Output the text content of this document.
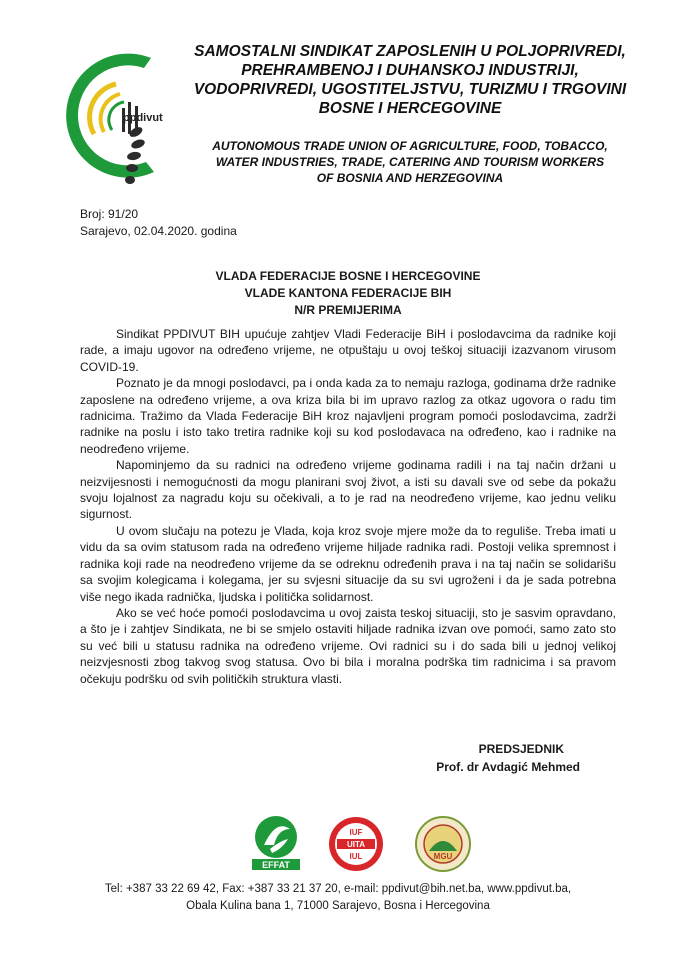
ppdivut
SAMOSTALNI SINDIKAT ZAPOSLENIH U POLJOPRIVREDI,
PREHRAMBENOJ I DUHANSKOJ INDUSTRIJI,
VODOPRIVREDI, UGOSTITELJSTVU, TURIZMU I TRGOVINI
BOSNE I HERCEGOVINE
AUTONOMOUS TRADE UNION OF AGRICULTURE, FOOD, TOBACCO,
WATER INDUSTRIES, TRADE, CATERING AND TOURISM WORKERS
OF BOSNIA AND HERZEGOVINA
Broj: 91/20
Sarajevo, 02.04.2020. godina
VLADA FEDERACIJE BOSNE I HERCEGOVINE
VLADE KANTONA FEDERACIJE BIH
N/R PREMIJERIMA

Sindikat PPDIVUT BIH upućuje zahtjev Vladi Federacije BiH i poslodavcima da radnike koji rade, a imaju ugovor na određeno vrijeme, ne otpuštaju u ovoj teškoj situaciji izazvanom virusom COVID-19.

Poznato je da mnogi poslodavci, pa i onda kada za to nemaju razloga, godinama drže radnike zaposlene na određeno vrijeme, a ova kriza bila bi im upravo razlog za otkaz ugovora o radu tim radnicima. Tražimo da Vlada Federacije BiH kroz najavljeni program pomoći poslodavcima, zadrži radnike na poslu i isto tako tretira radnike koji su kod poslodavaca na ođređeno, kao i radnike na neodređeno vrijeme.

Napominjemo da su radnici na određeno vrijeme godinama radili i na taj način držani u neizvijesnosti i nemogućnosti da mogu planirani svoj život, a isti su davali sve od sebe da pokažu svoju lojalnost za nagradu koju su očekivali, a to je rad na neodređeno vrijeme, kao jednu veliku sigurnost.

U ovom slučaju na potezu je Vlada, koja kroz svoje mjere može da to reguliše. Treba imati u vidu da sa ovim statusom rada na određeno vrijeme hiljade radnika radi. Postoji velika spremnost i radnika koji rade na neodređeno vrijeme da se odreknu određenih prava i na taj način se solidarišu sa svojim kolegicama i kolegama, jer su svjesni situacije da su svi ugroženi i da je sada potrebna više nego ikada radnička, ljudska i politička solidarnost.

Ako se već hoće pomoći poslodavcima u ovoj zaista teskoj situaciji, sto je sasvim opravdano, a što je i zahtjev Sindikata, ne bi se smjelo ostaviti hiljade radnika izvan ove pomoći, samo zato sto su već bili u statusu radnika na određeno vrijeme. Ovi radnici su i do sada bili u jednoj velikoj neizvjesnosti zbog takvog svog statusa. Ovo bi bila i moralna podrška tim radnicima i sa pravom očekuju podršku od svih političkih struktura vlasti.

PREDSJEDNIK
Prof. dr Avdagić Mehmed
EFFAT
IUF
UITA
IUL	MGU
Tel: +387 33 22 69 42, Fax: +387 33 21 37 20, e-mail: ppdivut@bih.net.ba, www.ppdivut.ba,
Obala Kulina bana 1, 71000 Sarajevo, Bosna i Hercegovina
